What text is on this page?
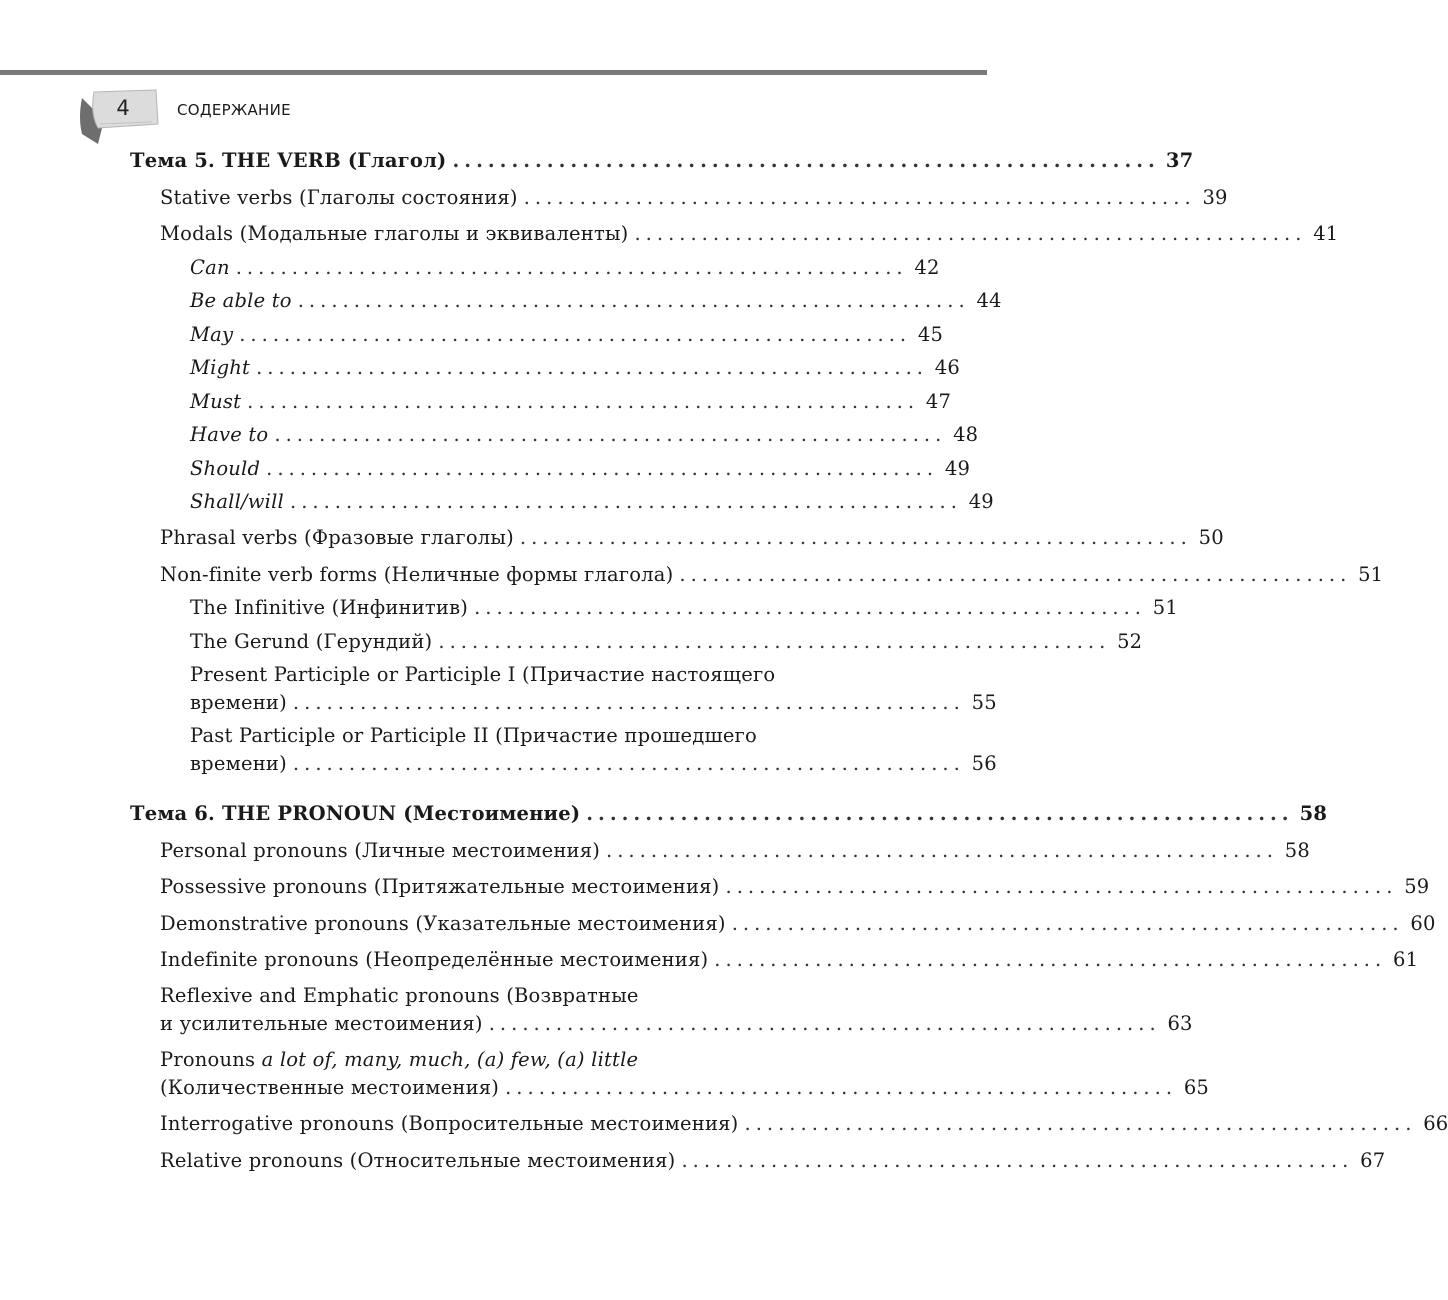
4	СОДЕРЖАНИЕ
Тема 5. THE VERB (Глагол) ............................................................ 37
Stative verbs (Глаголы состояния) ............................................................ 39
Modals (Модальные глаголы и эквиваленты) ............................................................ 41
Can ............................................................ 42
Be able to ............................................................ 44
May ............................................................ 45
Might ............................................................ 46
Must ............................................................ 47
Have to ............................................................ 48
Should ............................................................ 49
Shall/will ............................................................ 49
Phrasal verbs (Фразовые глаголы) ............................................................ 50
Non-finite verb forms (Неличные формы глагола) ............................................................ 51
The Infinitive (Инфинитив) ............................................................ 51
The Gerund (Герундий) ............................................................ 52
Present Participle or Participle I (Причастие настоящего
времени) ............................................................ 55
Past Participle or Participle II (Причастие прошедшего
времени) ............................................................ 56
Тема 6. THE PRONOUN (Местоимение) ............................................................ 58
Personal pronouns (Личные местоимения) ............................................................ 58
Possessive pronouns (Притяжательные местоимения) ............................................................ 59
Demonstrative pronouns (Указательные местоимения) ............................................................ 60
Indefinite pronouns (Неопределённые местоимения) ............................................................ 61
Reflexive and Emphatic pronouns (Возвратные
и усилительные местоимения) ............................................................ 63
Pronouns a lot of, many, much, (a) few, (a) little
(Количественные местоимения) ............................................................ 65
Interrogative pronouns (Вопросительные местоимения) ............................................................ 66
Relative pronouns (Относительные местоимения) ............................................................ 67
